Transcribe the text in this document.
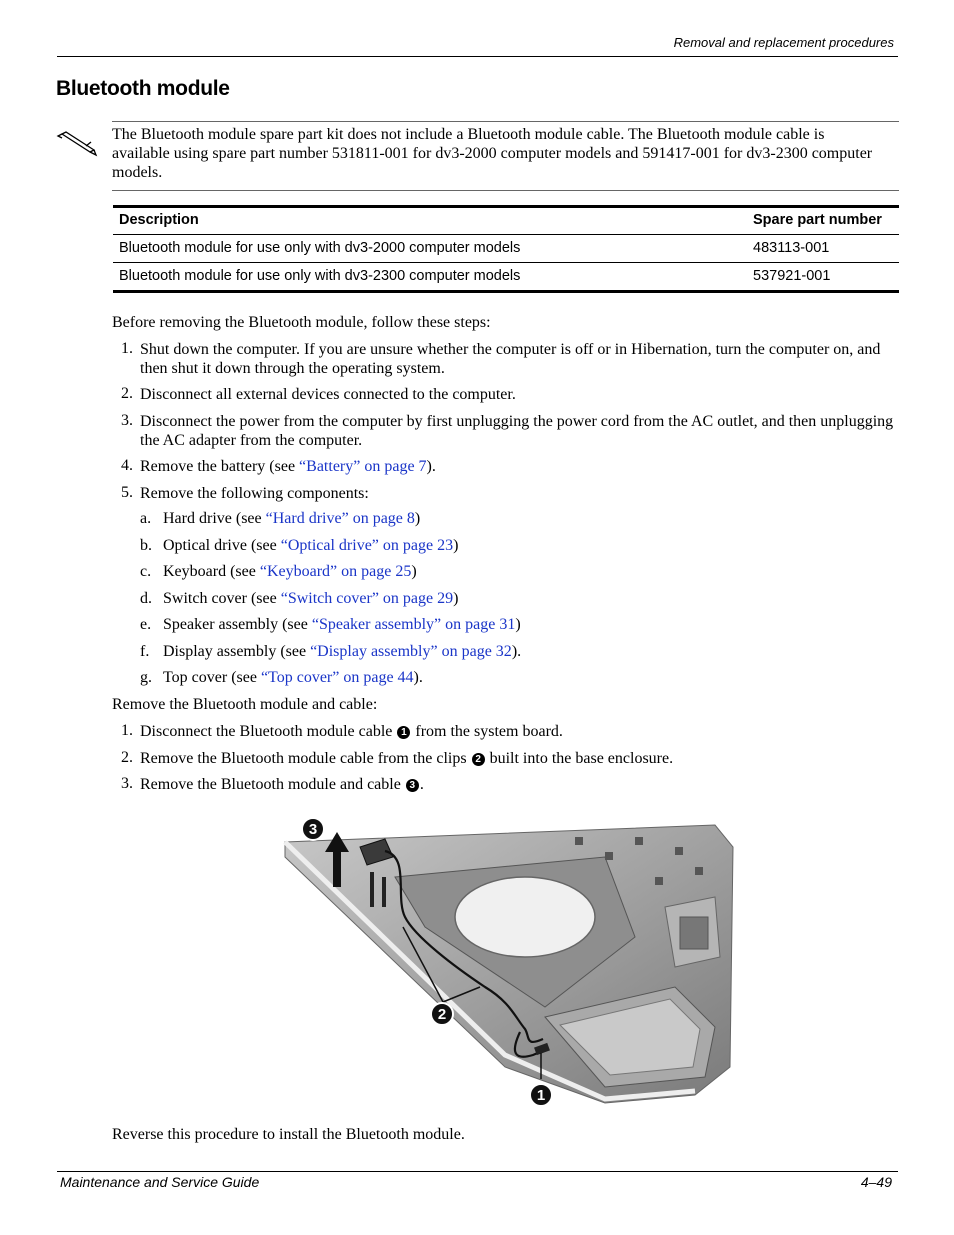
Removal and replacement procedures
Bluetooth module
The Bluetooth module spare part kit does not include a Bluetooth module cable. The Bluetooth module cable is available using spare part number 531811-001 for dv3-2000 computer models and 591417-001 for dv3-2300 computer models.
Description	Spare part number
Bluetooth module for use only with dv3-2000 computer models	483113-001
Bluetooth module for use only with dv3-2300 computer models	537921-001
Before removing the Bluetooth module, follow these steps:
1. Shut down the computer. If you are unsure whether the computer is off or in Hibernation, turn the computer on, and then shut it down through the operating system.
2. Disconnect all external devices connected to the computer.
3. Disconnect the power from the computer by first unplugging the power cord from the AC outlet, and then unplugging the AC adapter from the computer.
4. Remove the battery (see “Battery” on page 7).
5. Remove the following components:
a. Hard drive (see “Hard drive” on page 8)
b. Optical drive (see “Optical drive” on page 23)
c. Keyboard (see “Keyboard” on page 25)
d. Switch cover (see “Switch cover” on page 29)
e. Speaker assembly (see “Speaker assembly” on page 31)
f. Display assembly (see “Display assembly” on page 32).
g. Top cover (see “Top cover” on page 44).
Remove the Bluetooth module and cable:
1. Disconnect the Bluetooth module cable 1 from the system board.
2. Remove the Bluetooth module cable from the clips 2 built into the base enclosure.
3. Remove the Bluetooth module and cable 3 .
3
2
1
Reverse this procedure to install the Bluetooth module.
Maintenance and Service Guide	4–49
